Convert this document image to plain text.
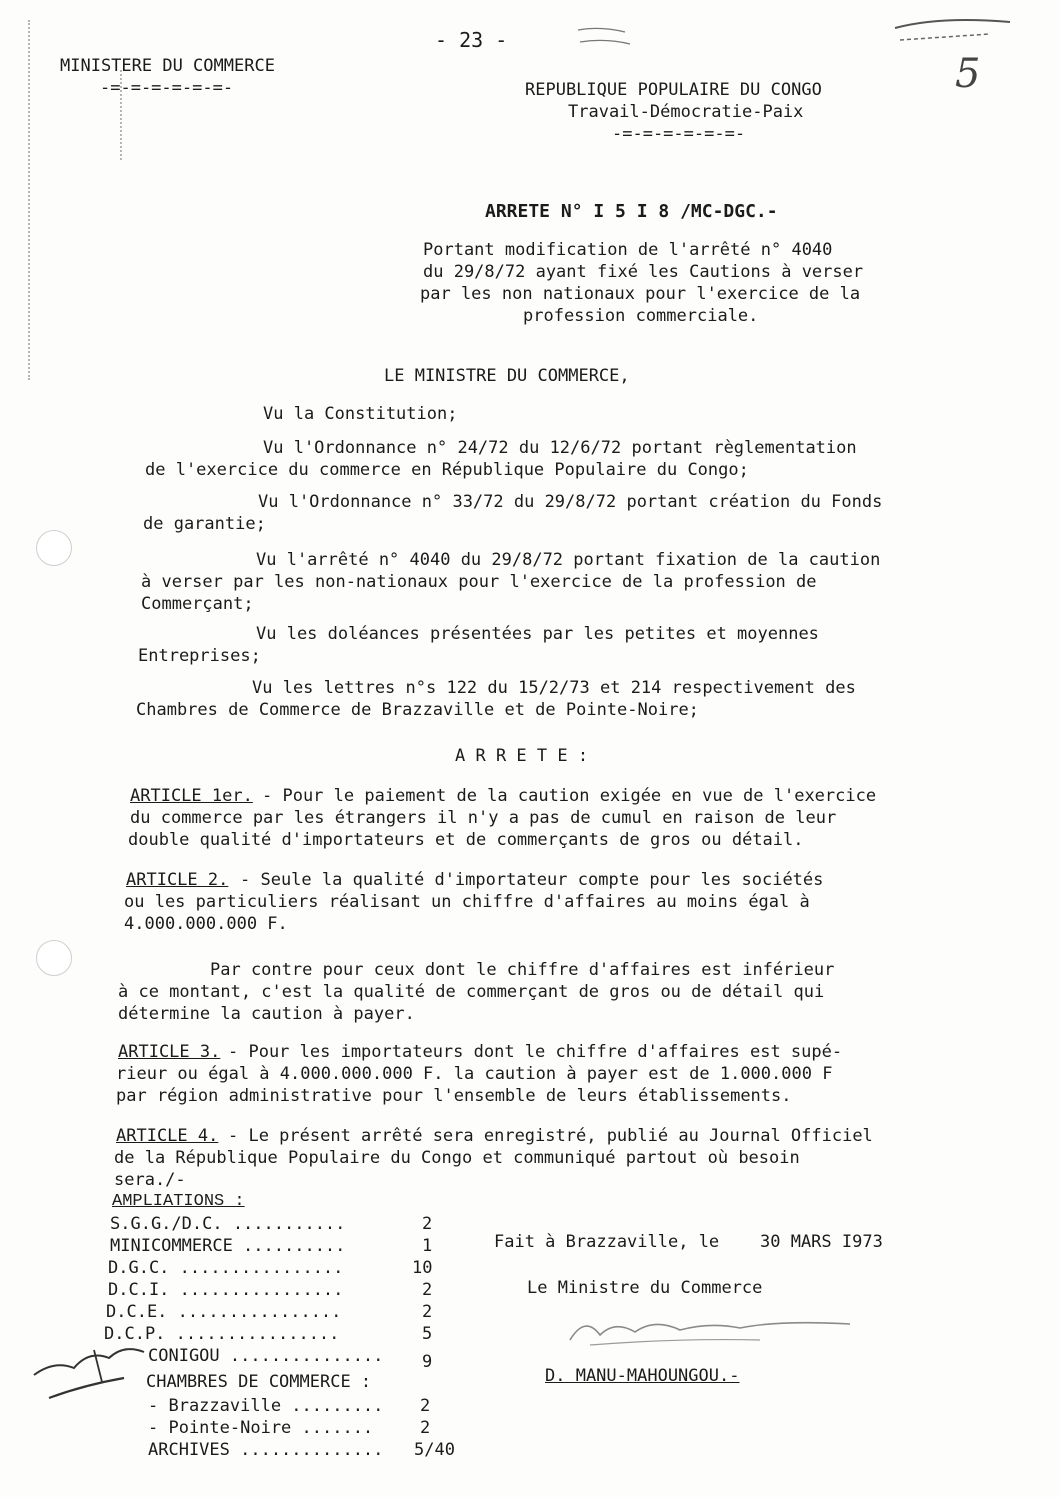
5
- 23 -
MINISTERE DU COMMERCE
-=-=-=-=-=-=-	REPUBLIQUE POPULAIRE DU CONGO
Travail-Démocratie-Paix
-=-=-=-=-=-=-
ARRETE N° I 5 I 8 /MC-DGC.-
Portant modification de l'arrêté n° 4040
du 29/8/72 ayant fixé les Cautions à verser
par les non nationaux pour l'exercice de la
profession commerciale.
LE MINISTRE DU COMMERCE,
Vu la Constitution;
Vu l'Ordonnance n° 24/72 du 12/6/72 portant règlementation
de l'exercice du commerce en République Populaire du Congo;
Vu l'Ordonnance n° 33/72 du 29/8/72 portant création du Fonds
de garantie;
Vu l'arrêté n° 4040 du 29/8/72 portant fixation de la caution
à verser par les non-nationaux pour l'exercice de la profession de
Commerçant;
Vu les doléances présentées par les petites et moyennes
Entreprises;
Vu les lettres n°s 122 du 15/2/73 et 214 respectivement des
Chambres de Commerce de Brazzaville et de Pointe-Noire;
A R R E T E :
ARTICLE 1er. - Pour le paiement de la caution exigée en vue de l'exercice
du commerce par les étrangers il n'y a pas de cumul en raison de leur
double qualité d'importateurs et de commerçants de gros ou détail.
ARTICLE 2. - Seule la qualité d'importateur compte pour les sociétés
ou les particuliers réalisant un chiffre d'affaires au moins égal à
4.000.000.000 F.
Par contre pour ceux dont le chiffre d'affaires est inférieur
à ce montant, c'est la qualité de commerçant de gros ou de détail qui
détermine la caution à payer.
ARTICLE 3. - Pour les importateurs dont le chiffre d'affaires est supé-
rieur ou égal à 4.000.000.000 F. la caution à payer est de 1.000.000 F
par région administrative pour l'ensemble de leurs établissements.
ARTICLE 4. - Le présent arrêté sera enregistré, publié au Journal Officiel
de la République Populaire du Congo et communiqué partout où besoin
sera./-
AMPLIATIONS :
S.G.G./D.C. ...........	2
MINICOMMERCE ..........	1
D.G.C. ................	10
D.C.I. ................	2
D.C.E. ................	2
D.C.P. ................	5
CONIGOU ............... 9
CHAMBRES DE COMMERCE :
- Brazzaville ......... 2
- Pointe-Noire .......	2
ARCHIVES .............. 5/40
Fait à Brazzaville, le 30 MARS I973
Le Ministre du Commerce
D. MANU-MAHOUNGOU.-
